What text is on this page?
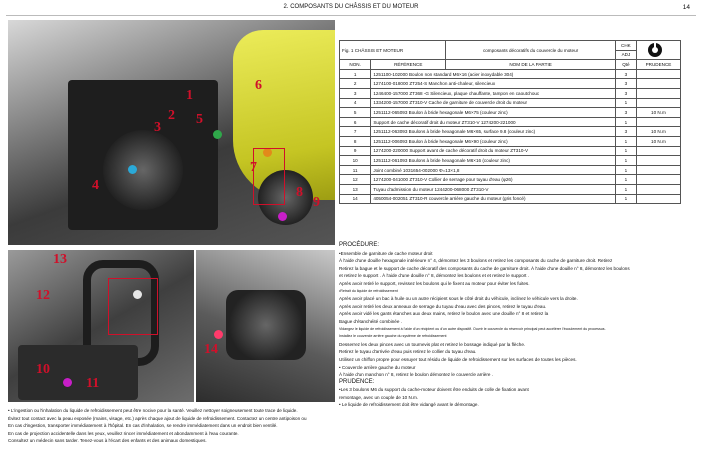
2. COMPOSANTS DU CHÂSSIS ET DU MOTEUR	14
6
1
2
3
5
4
7
8
9
13
12
11
10
14
• L'ingestion ou l'inhalation du liquide de refroidissement peut être nocive pour la santé. Veuillez nettoyer soigneusement toute trace de liquide.
Évitez tout contact avec la peau exposée (mains, visage, etc.) après chaque ajout de liquide de refroidissement. Contactez un centre antipoison ou
En cas d'ingestion, transporter immédiatement à l'hôpital. En cas d'inhalation, se rendre immédiatement dans un endroit bien ventilé.
En cas de projection accidentelle dans les yeux, veuillez rincer immédiatement et abondamment à l'eau courante.
Consultez un médecin sans tarder. Tenez-vous à l'écart des enfants et des animaux domestiques.
Fig. 1 CHÂSSIS ET MOTEUR		composants décoratifs du couvercle du moteur	CHK	
			ADJ	
NON.	RÉFÉRENCE	NOM DE LA PARTIE	Qté	PRUDENCE
1	1251100-102000 Boulon non standard M6×16 (acier inoxydable 304)		3	
2	1274100-018000 ZT254-S Manchon anti-chaleur, silencieux		3	
3	1246400-157000 ZT368 -G Silencieux, plaque chauffante, tampon en caoutchouc		3	
4	1334200-157000 ZT310-V Cache de garniture de couvercle droit du moteur		1	
5	1251112-065093 Boulon à bride hexagonale M6×75 (couleur zinc)		3	10 N.m
6	Support de cache décoratif droit du moteur ZT310-V 1274200-221000		1	
7	1251112-063093 Boulons à bride hexagonale M6×65, surface 9.8 (couleur zinc)		3	10 N.m
8	1251112-006093 Boulon à bride hexagonale M6×90 (couleur zinc)		1	10 N.m
9	1274200-220000 Support avant de cache décoratif droit du moteur ZT310-V		1	
10	1251112-061093 Boulons à bride hexagonale M6×16 (couleur zinc)		1	
11	Joint combiné 1031654-002000 Φ=13×1,8		1	
12	1274200-041000 ZT310-V Collier de serrage pour tuyau d'eau (φ26)		1	
13	Tuyau d'admission du moteur 1244200-068000 ZT310-V		1	
14	4050054-002051 ZT310-R couvercle arrière gauche du moteur (gris foncé)		1	
PROCÉDURE:
•Ensemble de garniture de cache moteur droit
À l'aide d'une douille hexagonale intérieure n° 4, démontez les 3 boulons et retirez les composants du cache de garniture droit. Retirez
Retirez la bague et le support de cache décoratif des composants du cache de garniture droit. À l'aide d'une douille n° 8, démontez les boulons
et retirez le support . À l'aide d'une douille n° 8, démontez les boulons et et retirez le support .
Après avoir retiré le support, revissez les boulons qui le fixent au moteur pour éviter les fuites.
•Retrait du liquide de refroidissement
Après avoir placé un bac à huile ou un autre récipient sous le côté droit du véhicule, inclinez le véhicule vers la droite.
Après avoir retiré les deux anneaux de serrage du tuyau d'eau avec des pinces, retirez le tuyau d'eau.
Après avoir vidé les gants étanches aux deux mains, retirez le boulon avec une douille n° 8 et retirez la
Bague d'étanchéité combinée .
Vidangez le liquide de refroidissement à l'aide d'un récipient ou d'un autre dispositif. Ouvrir le couvercle du réservoir principal peut accélérer l'écoulement du processus.
Installez le couvercle arrière gauche du système de refroidissement
Desserrez les deux pinces avec un tournevis plat et retirez le bossage indiqué par la flèche.
Retirez le tuyau d'arrivée d'eau puis retirez le collier du tuyau d'eau.
Utilisez un chiffon propre pour essuyer tout résidu de liquide de refroidissement sur les surfaces de toutes les pièces.
• Couvercle arrière gauche du moteur
À l'aide d'un manchon n° 8, retirez le boulon démontez le couvercle arrière .
PRUDENCE:
•Les 3 boulons M6 du support du cache-moteur doivent être enduits de colle de fixation avant
remontage, avec un couple de 10 N.m.
• Le liquide de refroidissement doit être vidangé avant le démontage.
